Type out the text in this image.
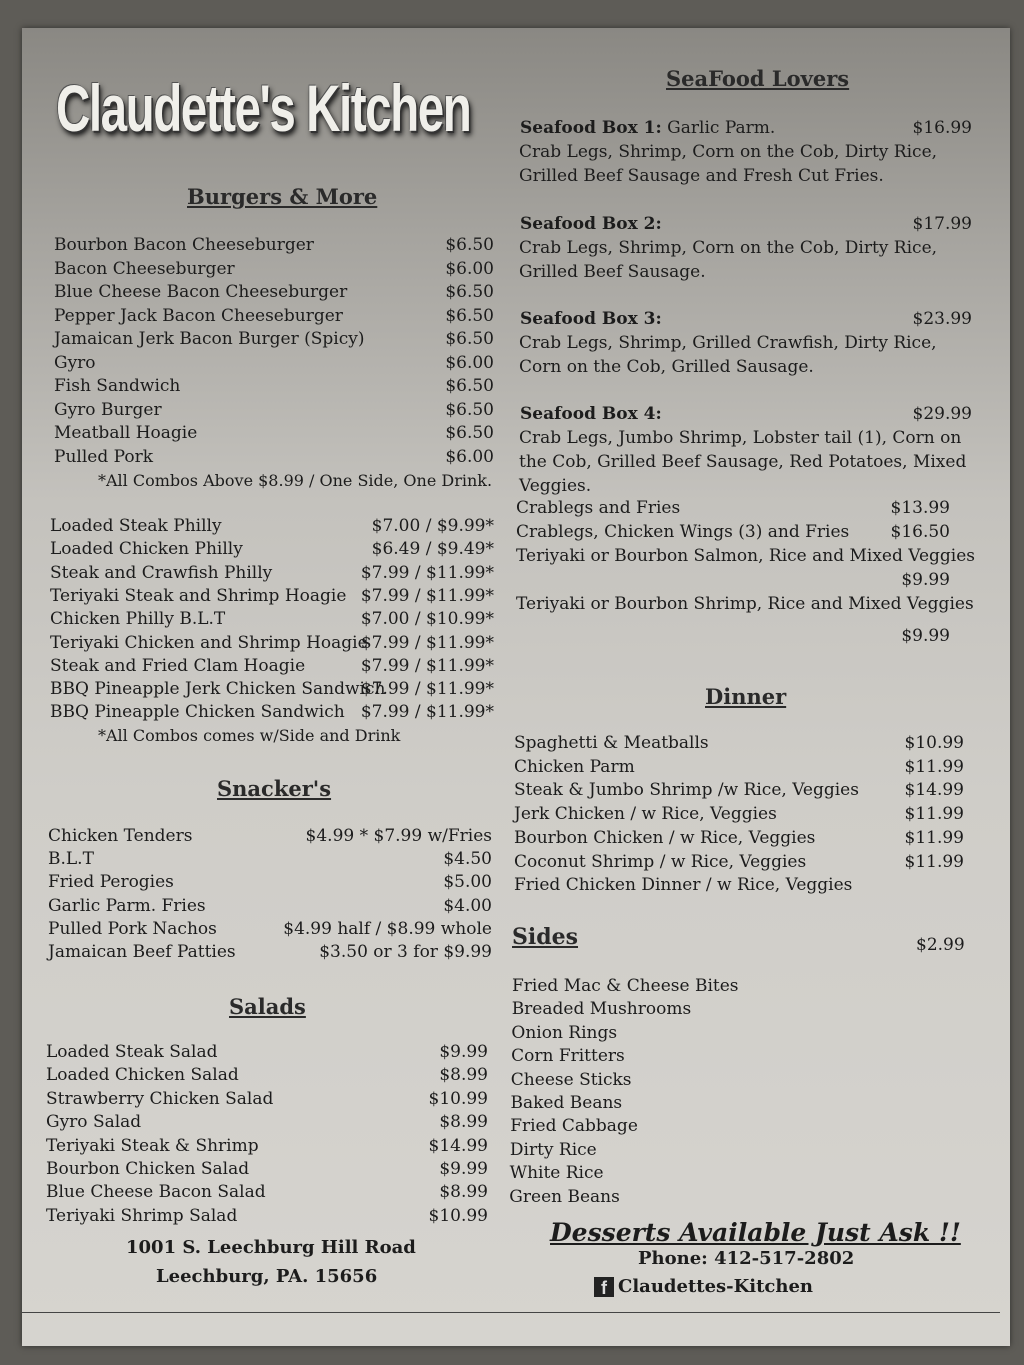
Claudette's Kitchen
Burgers & More
Bourbon Bacon Cheeseburger	$6.50
Bacon Cheeseburger	$6.00
Blue Cheese Bacon Cheeseburger	$6.50
Pepper Jack Bacon Cheeseburger	$6.50
Jamaican Jerk Bacon Burger (Spicy)	$6.50
Gyro	$6.00
Fish Sandwich	$6.50
Gyro Burger	$6.50
Meatball Hoagie	$6.50
Pulled Pork	$6.00
*All Combos Above $8.99 / One Side, One Drink.
Loaded Steak Philly	$7.00 / $9.99*
Loaded Chicken Philly	$6.49 / $9.49*
Steak and Crawfish Philly	$7.99 / $11.99*
Teriyaki Steak and Shrimp Hoagie $7.99 / $11.99*
Chicken Philly B.L.T	$7.00 / $10.99*
Teriyaki Chicken and Shrimp Hoagie
$7.99 / $11.99*
Steak and Fried Clam Hoagie	$7.99 / $11.99*
BBQ Pineapple Jerk Chicken Sandwich
$7.99 / $11.99*
BBQ Pineapple Chicken Sandwich $7.99 / $11.99*
*All Combos comes w/Side and Drink
Snacker's
Chicken Tenders	$4.99 * $7.99 w/Fries
B.L.T	$4.50
Fried Perogies	$5.00
Garlic Parm. Fries	$4.00
Pulled Pork Nachos	$4.99 half / $8.99 whole
Jamaican Beef Patties	$3.50 or 3 for $9.99
Salads
Loaded Steak Salad	$9.99
Loaded Chicken Salad	$8.99
Strawberry Chicken Salad	$10.99
Gyro Salad	$8.99
Teriyaki Steak & Shrimp	$14.99
Bourbon Chicken Salad	$9.99
Blue Cheese Bacon Salad	$8.99
Teriyaki Shrimp Salad	$10.99
1001 S. Leechburg Hill Road
Leechburg, PA. 15656
SeaFood Lovers
Seafood Box 1: Garlic Parm.	$16.99
Crab Legs, Shrimp, Corn on the Cob, Dirty Rice, Grilled Beef Sausage and Fresh Cut Fries.
Seafood Box 2:	$17.99
Crab Legs, Shrimp, Corn on the Cob, Dirty Rice, Grilled Beef Sausage.
Seafood Box 3:	$23.99
Crab Legs, Shrimp, Grilled Crawfish, Dirty Rice, Corn on the Cob, Grilled Sausage.
Seafood Box 4:	$29.99
Crab Legs, Jumbo Shrimp, Lobster tail (1), Corn on the Cob, Grilled Beef Sausage, Red Potatoes, Mixed Veggies.
Crablegs and Fries	$13.99
Crablegs, Chicken Wings (3) and Fries $16.50
Teriyaki or Bourbon Salmon, Rice and Mixed Veggies
$9.99
Teriyaki or Bourbon Shrimp, Rice and Mixed Veggies
$9.99
Dinner
Spaghetti & Meatballs	$10.99
Chicken Parm	$11.99
Steak & Jumbo Shrimp /w Rice, Veggies	$14.99
Jerk Chicken / w Rice, Veggies	$11.99
Bourbon Chicken / w Rice, Veggies	$11.99
Coconut Shrimp / w Rice, Veggies	$11.99
Fried Chicken Dinner / w Rice, Veggies
Sides	$2.99
Fried Mac & Cheese Bites
Breaded Mushrooms
Onion Rings
Corn Fritters
Cheese Sticks
Baked Beans
Fried Cabbage
Dirty Rice
White Rice
Green Beans
Desserts Available Just Ask !!
Phone: 412-517-2802
f Claudettes-Kitchen
